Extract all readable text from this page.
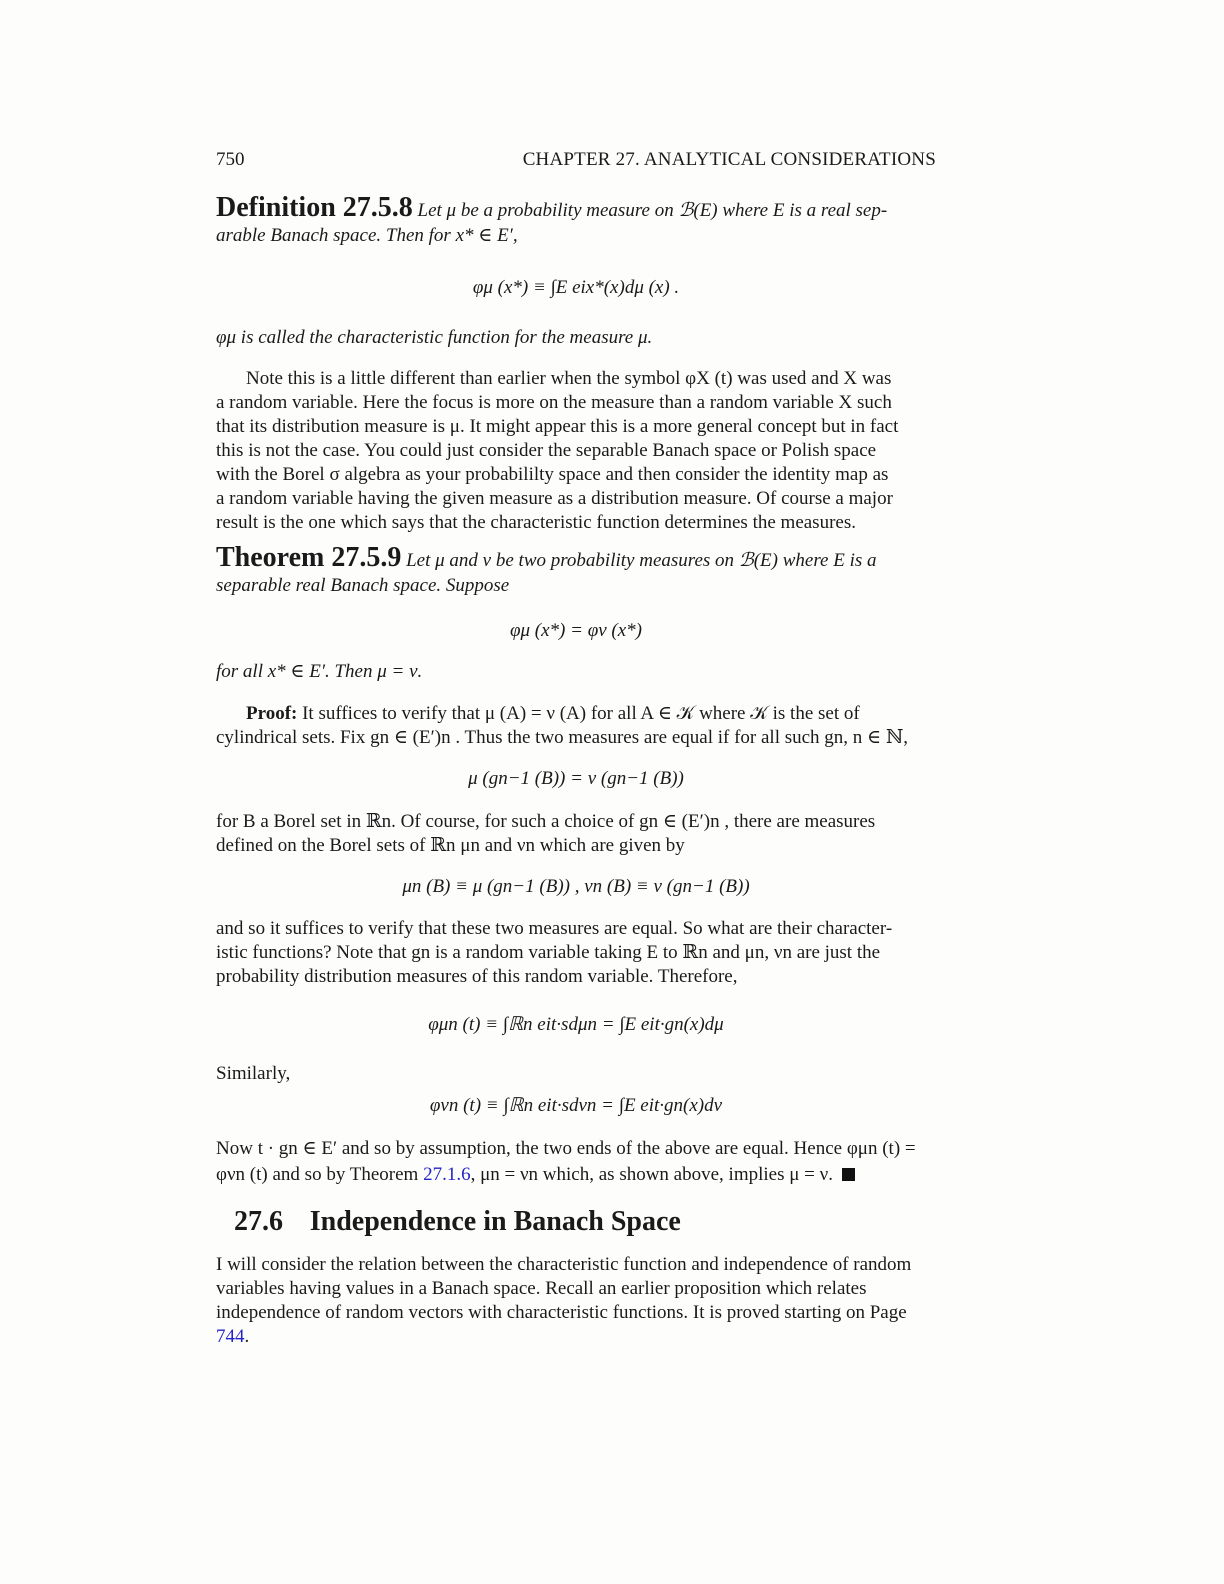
750	CHAPTER 27. ANALYTICAL CONSIDERATIONS
Definition 27.5.8 Let μ be a probability measure on ℬ(E) where E is a real sep-
arable Banach space. Then for x* ∈ E′,
φμ (x*) ≡ ∫E eix*(x)dμ (x) .
φμ is called the characteristic function for the measure μ.

Note this is a little different than earlier when the symbol φX (t) was used and X was

a random variable. Here the focus is more on the measure than a random variable X such

that its distribution measure is μ. It might appear this is a more general concept but in fact

this is not the case. You could just consider the separable Banach space or Polish space

with the Borel σ algebra as your probabililty space and then consider the identity map as

a random variable having the given measure as a distribution measure. Of course a major

result is the one which says that the characteristic function determines the measures.

Theorem 27.5.9 Let μ and ν be two probability measures on ℬ(E) where E is a
separable real Banach space. Suppose
φμ (x*) = φν (x*)
for all x* ∈ E′. Then μ = ν.

Proof: It suffices to verify that μ (A) = ν (A) for all A ∈ 𝒦 where 𝒦 is the set of

cylindrical sets. Fix gn ∈ (E′)n . Thus the two measures are equal if for all such gn, n ∈ ℕ,

μ (gn−1 (B)) = ν (gn−1 (B))

for B a Borel set in ℝn. Of course, for such a choice of gn ∈ (E′)n , there are measures

defined on the Borel sets of ℝn μn and νn which are given by

μn (B) ≡ μ (gn−1 (B)) , νn (B) ≡ ν (gn−1 (B))

and so it suffices to verify that these two measures are equal. So what are their character-

istic functions? Note that gn is a random variable taking E to ℝn and μn, νn are just the

probability distribution measures of this random variable. Therefore,

φμn (t) ≡ ∫ℝn eit·sdμn = ∫E eit·gn(x)dμ
Similarly,
φνn (t) ≡ ∫ℝn eit·sdνn = ∫E eit·gn(x)dν

Now t · gn ∈ E′ and so by assumption, the two ends of the above are equal. Hence φμn (t) =

φνn (t) and so by Theorem 27.1.6, μn = νn which, as shown above, implies μ = ν.

27.6 Independence in Banach Space

I will consider the relation between the characteristic function and independence of random

variables having values in a Banach space. Recall an earlier proposition which relates

independence of random vectors with characteristic functions. It is proved starting on Page

744.
